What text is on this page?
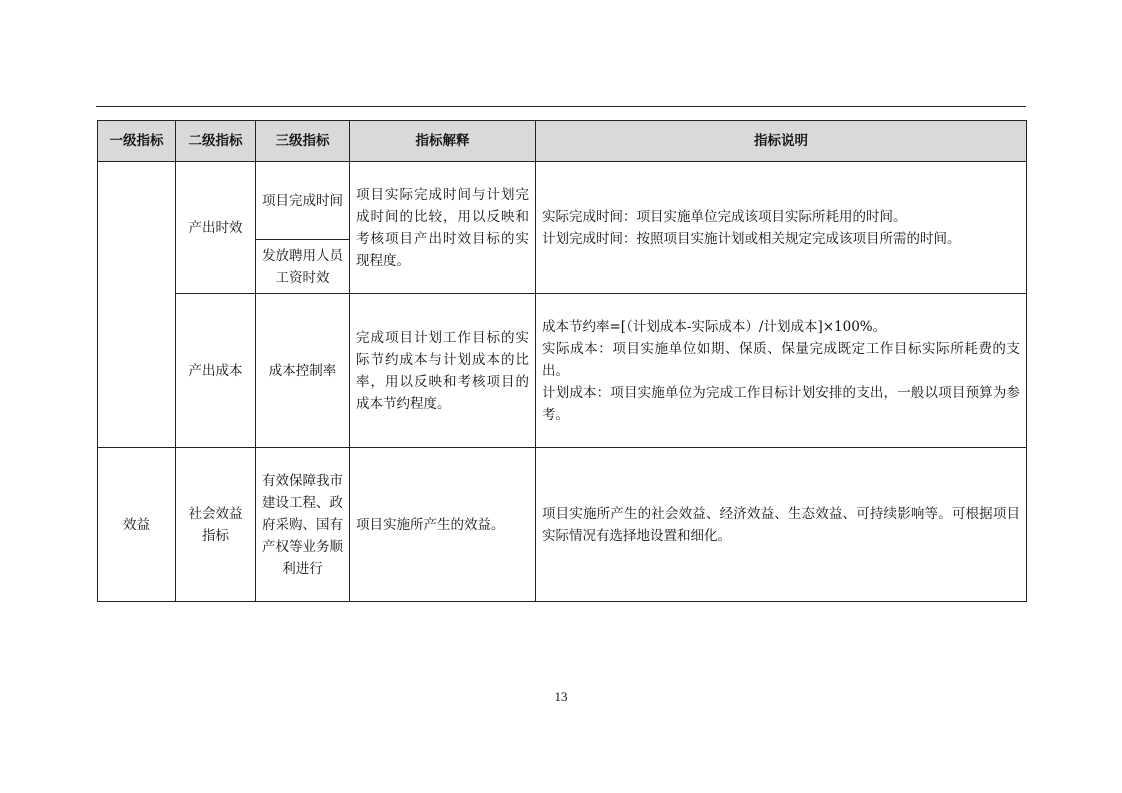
一级指标	二级指标	三级指标	指标解释	指标说明
	产出时效	项目完成时间	项目实际完成时间与计划完成时间的比较，用以反映和考核项目产出时效目标的实现程度。	实际完成时间：项目实施单位完成该项目实际所耗用的时间。
计划完成时间：按照项目实施计划或相关规定完成该项目所需的时间。

		发放聘用人员工资时效		
	产出成本	成本控制率	完成项目计划工作目标的实际节约成本与计划成本的比率，用以反映和考核项目的成本节约程度。	成本节约率=[（计划成本-实际成本）/计划成本]×100%。
实际成本：项目实施单位如期、保质、保量完成既定工作目标实际所耗费的支出。
计划成本：项目实施单位为完成工作目标计划安排的支出，一般以项目预算为参考。

效益	社会效益指标	有效保障我市建设工程、政府采购、国有产权等业务顺利进行	项目实施所产生的效益。	项目实施所产生的社会效益、经济效益、生态效益、可持续影响等。可根据项目实际情况有选择地设置和细化。
13
